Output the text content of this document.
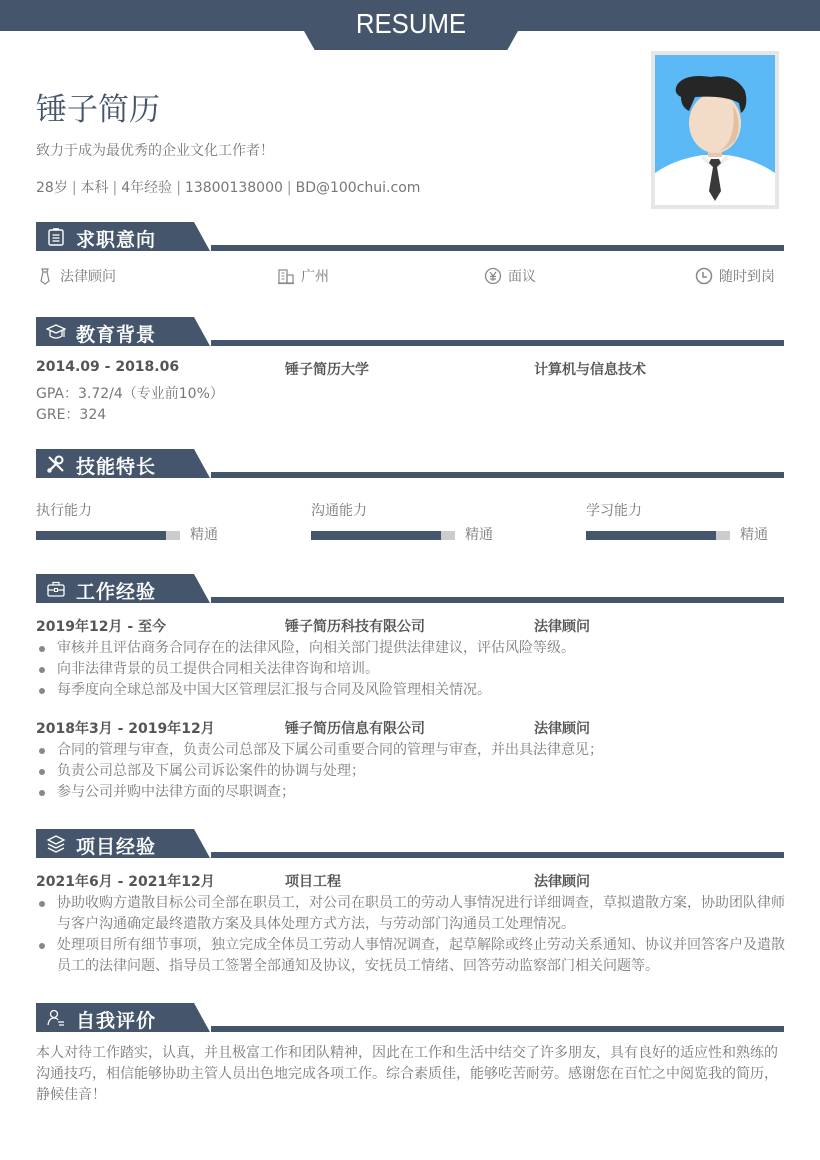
RESUME
锤子简历
致力于成为最优秀的企业文化工作者！
28岁 | 本科 | 4年经验 | 13800138000 | BD@100chui.com
求职意向
法律顾问	广州	面议	随时到岗
教育背景
2014.09 - 2018.06	锤子简历大学	计算机与信息技术
GPA：3.72/4（专业前10%）
GRE：324
技能特长
执行能力
精通
沟通能力
精通
学习能力
精通
工作经验
2019年12月 - 至今	锤子简历科技有限公司	法律顾问
审核并且评估商务合同存在的法律风险，向相关部门提供法律建议，评估风险等级。
向非法律背景的员工提供合同相关法律咨询和培训。
每季度向全球总部及中国大区管理层汇报与合同及风险管理相关情况。
2018年3月 - 2019年12月	锤子简历信息有限公司	法律顾问
合同的管理与审查，负责公司总部及下属公司重要合同的管理与审查，并出具法律意见；
负责公司总部及下属公司诉讼案件的协调与处理；
参与公司并购中法律方面的尽职调查；
项目经验
2021年6月 - 2021年12月	项目工程	法律顾问
协助收购方遣散目标公司全部在职员工，对公司在职员工的劳动人事情况进行详细调查，草拟遣散方案，协助团队律师与客户沟通确定最终遣散方案及具体处理方式方法，与劳动部门沟通员工处理情况。
处理项目所有细节事项，独立完成全体员工劳动人事情况调查，起草解除或终止劳动关系通知、协议并回答客户及遣散员工的法律问题、指导员工签署全部通知及协议，安抚员工情绪、回答劳动监察部门相关问题等。
自我评价
本人对待工作踏实，认真，并且极富工作和团队精神，因此在工作和生活中结交了许多朋友，具有良好的适应性和熟练的沟通技巧，相信能够协助主管人员出色地完成各项工作。综合素质佳，能够吃苦耐劳。感谢您在百忙之中阅览我的简历，静候佳音！
